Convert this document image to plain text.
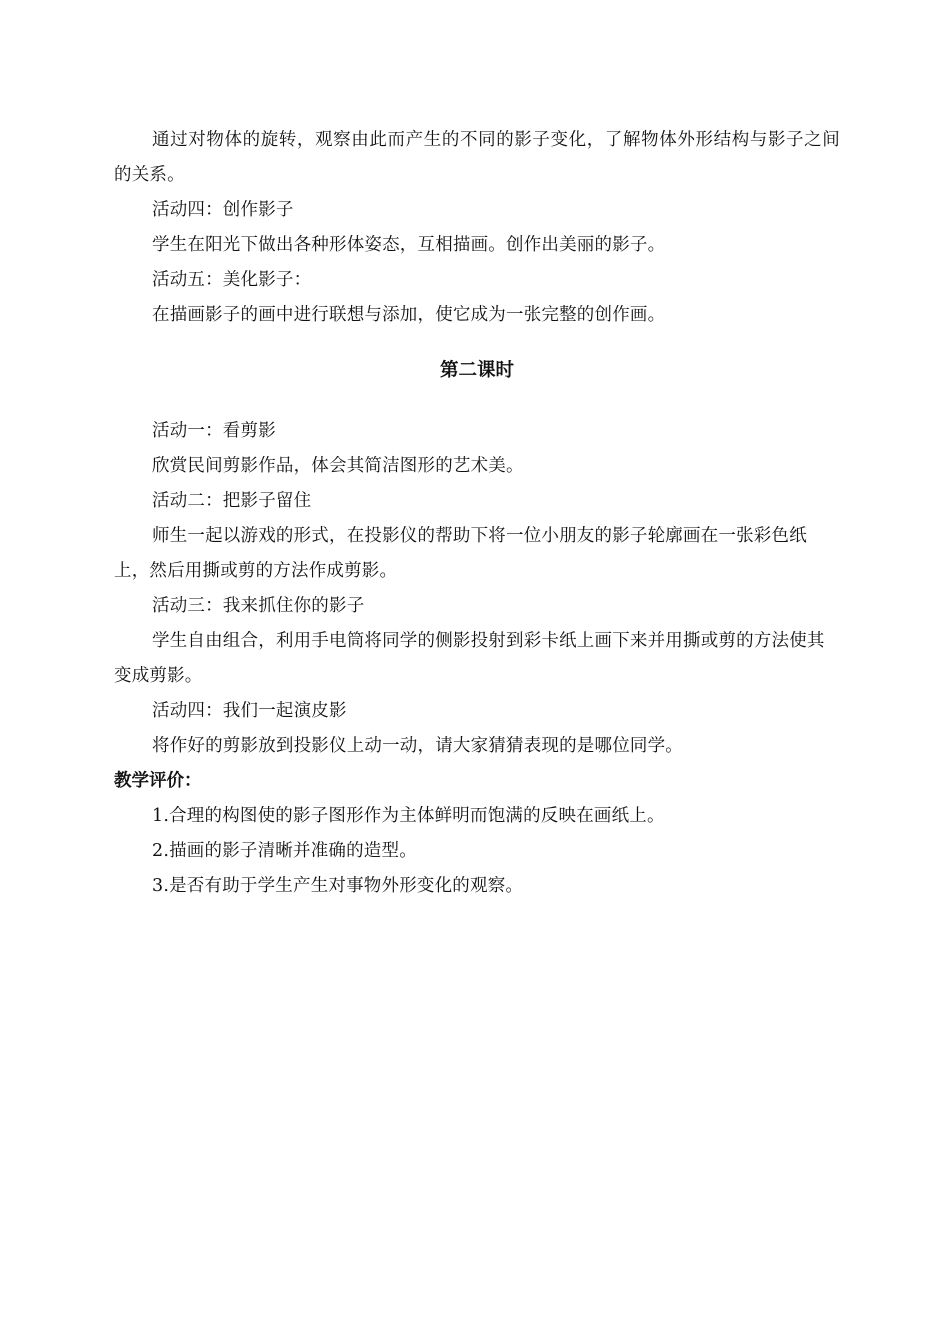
通过对物体的旋转，观察由此而产生的不同的影子变化，了解物体外形结构与影子之间的关系。

活动四：创作影子

学生在阳光下做出各种形体姿态，互相描画。创作出美丽的影子。

活动五：美化影子：

在描画影子的画中进行联想与添加，使它成为一张完整的创作画。

第二课时

活动一：看剪影

欣赏民间剪影作品，体会其简洁图形的艺术美。

活动二：把影子留住

师生一起以游戏的形式，在投影仪的帮助下将一位小朋友的影子轮廓画在一张彩色纸上，然后用撕或剪的方法作成剪影。

活动三：我来抓住你的影子

学生自由组合，利用手电筒将同学的侧影投射到彩卡纸上画下来并用撕或剪的方法使其变成剪影。

活动四：我们一起演皮影

将作好的剪影放到投影仪上动一动，请大家猜猜表现的是哪位同学。

教学评价：

1.合理的构图使的影子图形作为主体鲜明而饱满的反映在画纸上。

2.描画的影子清晰并准确的造型。

3.是否有助于学生产生对事物外形变化的观察。
